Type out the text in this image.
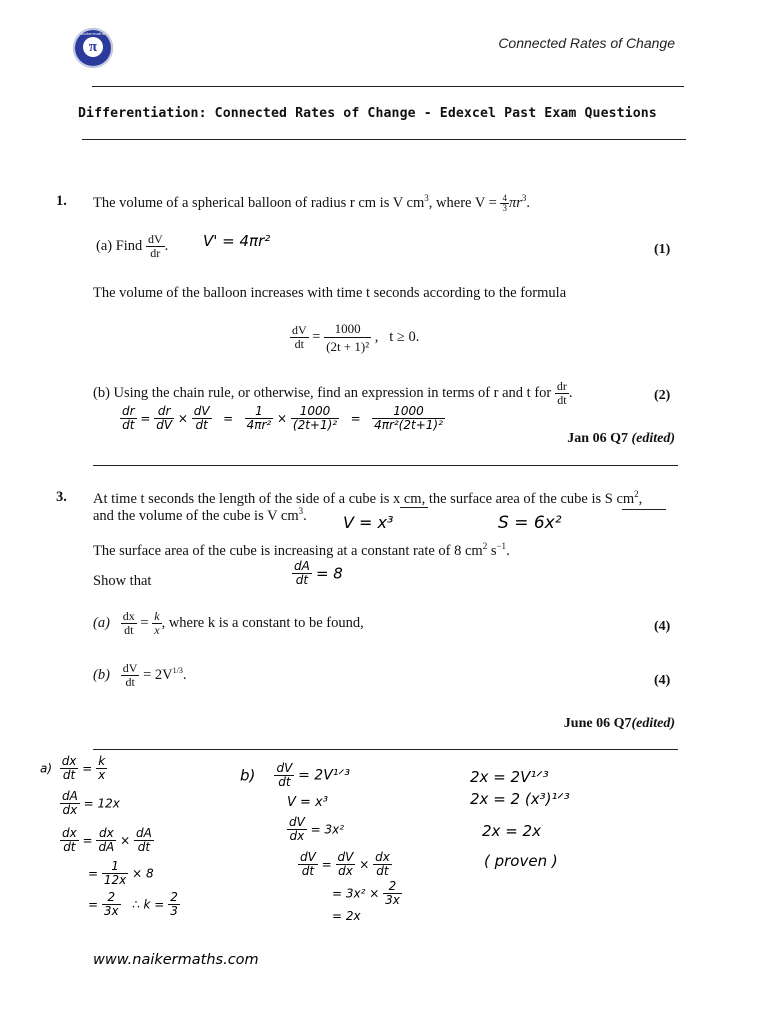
naikermaths
π	Connected Rates of Change
Differentiation: Connected Rates of Change - Edexcel Past Exam Questions
1. The volume of a spherical balloon of radius r cm is V $cm^3$, where $V = \frac{4}{3} \pi r^3$.
(a) Find $\frac{dV}{dr}$ . V' = 4πr²	(1)
The volume of the balloon increases with time t seconds according to the formula
$\frac{dV}{dt} = \frac{1000}{\text{(2t + 1)²}}$ ,   t ≥ 0.
(b) Using the chain rule, or otherwise, find an expression in terms of r and t for $\frac{dr}{dt}$ .	(2)
$\frac{dr}{dt} = \frac{dr}{dV} \times \frac{dV}{dt} = \frac{1}{\text{4πr²}} \times \frac{1000}{\text{(2t+1)²}} = \frac{1000}{\text{4πr²(2t+1)²}}$
Jan 06 Q7 (edited)
3. At time t seconds the length of the side of a cube is x cm, the surface area of the cube is S $cm^2$,
and the volume of the cube is V $cm^3$. V = x³	S = 6x²
The surface area of the cube is increasing at a constant rate of 8 $cm^2$ $s^{-1}$.
Show that	$\frac{dA}{dt} = 8$
$(a) \frac{dx}{dt} = \frac{k}{x}$ , where k is a constant to be found,	(4)
$(b) \frac{dV}{dt} = 2V^{1/3}$.	(4)
June 06 Q7(edited)
$a) \frac{dx}{dt} = \frac{k}{x}$
$\frac{dA}{dx} = 12x$
$\frac{dx}{dt} = \frac{dx}{dA} \times \frac{dA}{dt}$
= $\frac{1}{12x} \times 8$
= $\frac{2}{3x}$ ∴ $k = \frac{2}{3}$
$b) \frac{dV}{dt}$ = 2V¹ᐟ³
V = x³
$\frac{dV}{dx} = 3x^2$
$\frac{dV}{dt} = \frac{dV}{dx} \times \frac{dx}{dt}$
= $3x^2 \times \frac{2}{3x}$
= 2x
2x = 2V¹ᐟ³
2x = 2 (x³)¹ᐟ³
2x = 2x
( proven )
www.naikermaths.com
